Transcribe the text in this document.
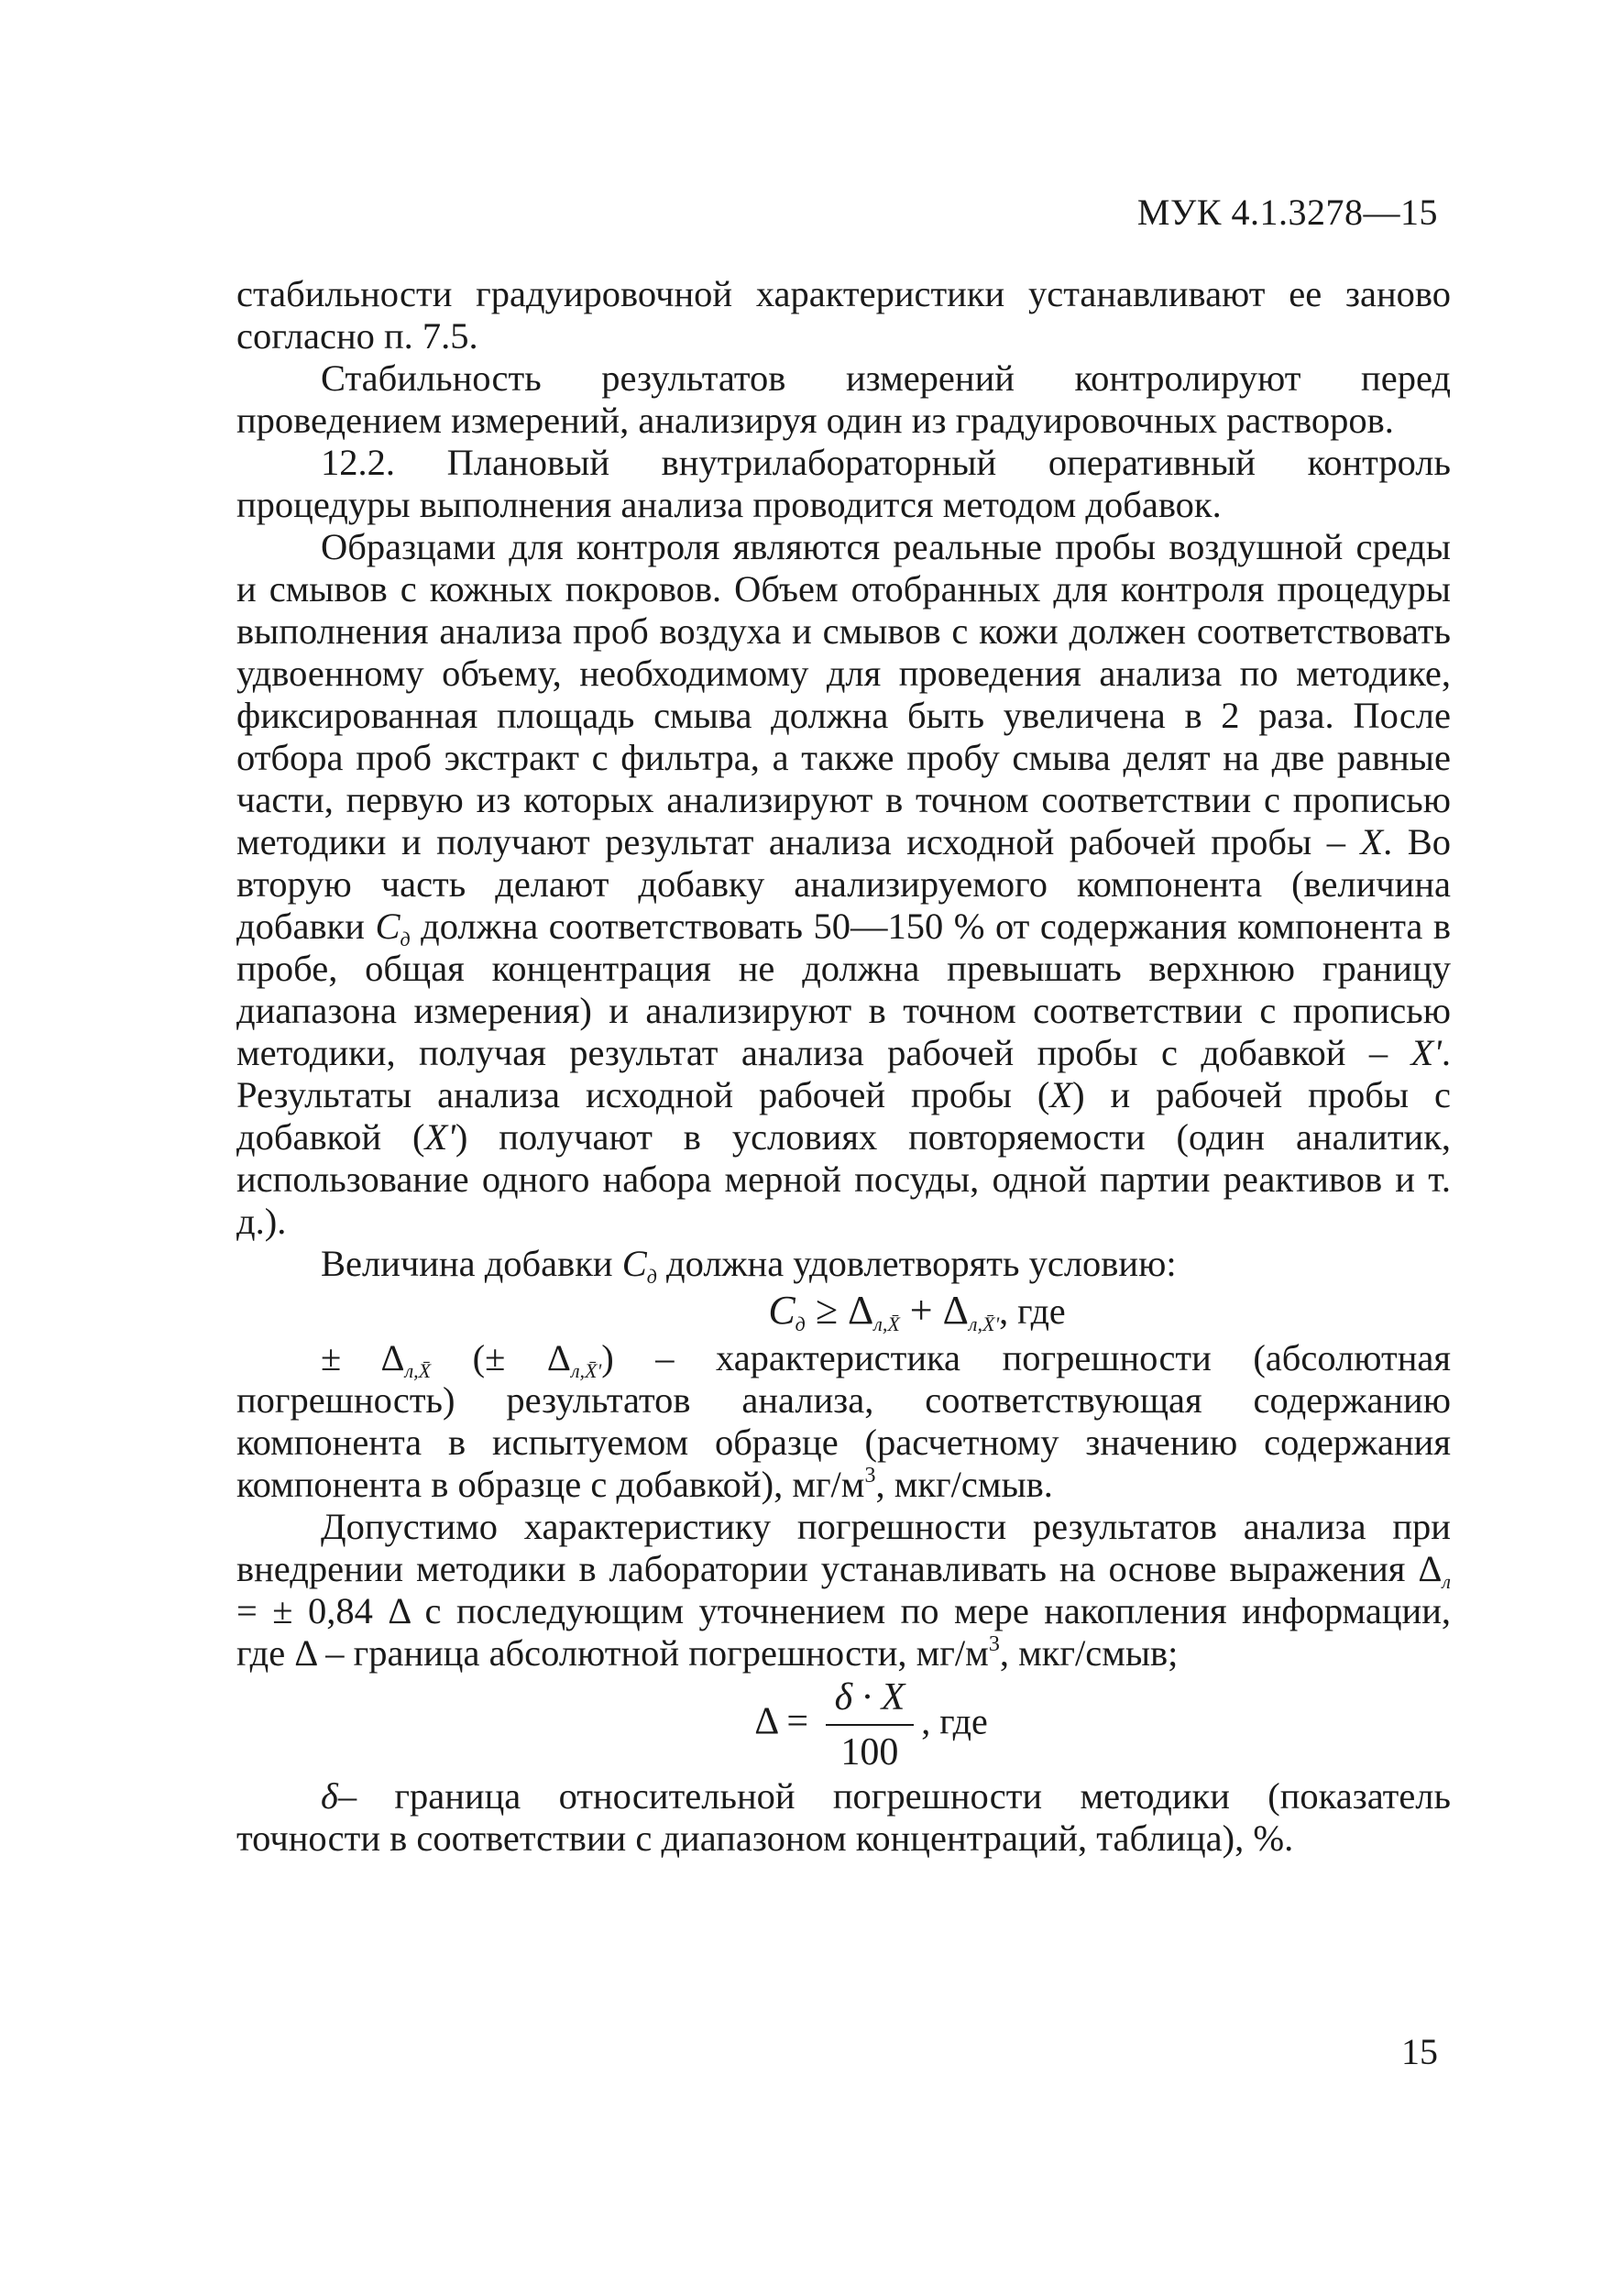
МУК 4.1.3278—15

стабильности градуировочной характеристики устанавливают ее заново согласно п. 7.5.

Стабильность результатов измерений контролируют перед проведением измерений, анализируя один из градуировочных растворов.

12.2. Плановый внутрилабораторный оперативный контроль процедуры выполнения анализа проводится методом добавок.

Образцами для контроля являются реальные пробы воздушной среды и смывов с кожных покровов. Объем отобранных для контроля процедуры выполнения анализа проб воздуха и смывов с кожи должен соответствовать удвоенному объему, необходимому для проведения анализа по методике, фиксированная площадь смыва должна быть увеличена в 2 раза. После отбора проб экстракт с фильтра, а также пробу смыва делят на две равные части, первую из которых анализируют в точном соответствии с прописью методики и получают результат анализа исходной рабочей пробы – X. Во вторую часть делают добавку анализируемого компонента (величина добавки $C_д$ должна соответствовать 50—150 % от содержания компонента в пробе, общая концентрация не должна превышать верхнюю границу диапазона измерения) и анализируют в точном соответствии с прописью методики, получая результат анализа рабочей пробы с добавкой – X'. Результаты анализа исходной рабочей пробы (X) и рабочей пробы с добавкой (X') получают в условиях повторяемости (один аналитик, использование одного набора мерной посуды, одной партии реактивов и т. д.).

Величина добавки $C_д$ должна удовлетворять условию:

$C_д \ge \Delta_{л,X̄} + \Delta_{л,X̄'}$, где

± $\Delta_{л,X̄}$ (± $\Delta_{л,X̄'}$) – характеристика погрешности (абсолютная погрешность) результатов анализа, соответствующая содержанию компонента в испытуемом образце (расчетному значению содержания компонента в образце с добавкой), $мг/м^3$, мкг/смыв.

Допустимо характеристику погрешности результатов анализа при внедрении методики в лаборатории устанавливать на основе выражения $\Delta_л$ = ± 0,84 Δ с последующим уточнением по мере накопления информации, где Δ – граница абсолютной погрешности, $мг/м^3$, мкг/смыв;

$\Delta = \frac{\delta \cdot X}{100}$ , где

δ– граница относительной погрешности методики (показатель точности в соответствии с диапазоном концентраций, таблица), %.

15
